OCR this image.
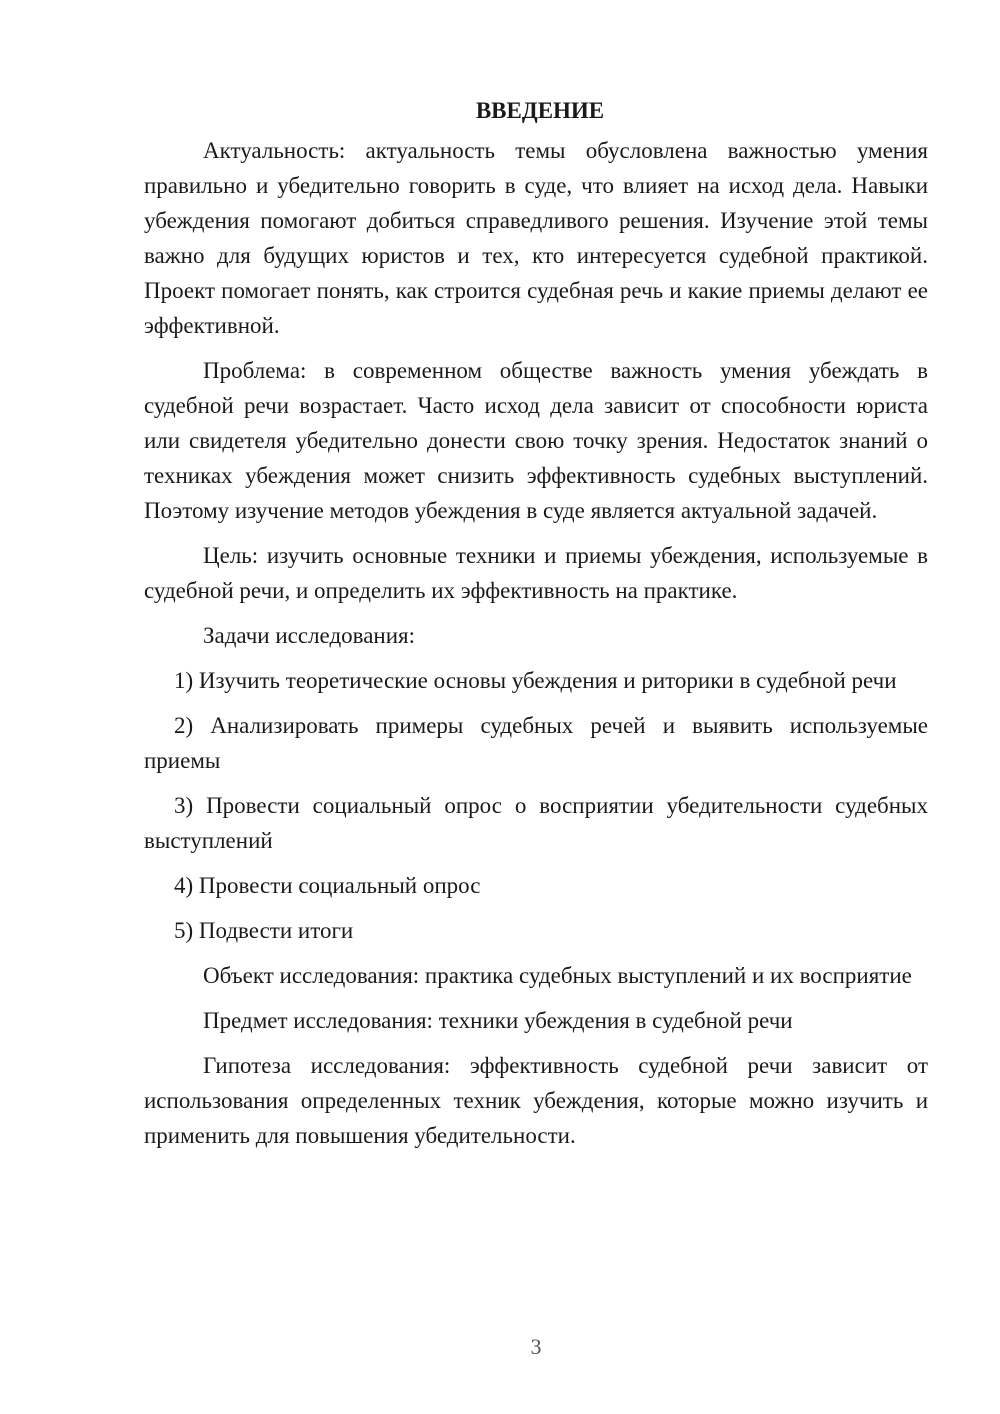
ВВЕДЕНИЕ

Актуальность: актуальность темы обусловлена важностью умения правильно и убедительно говорить в суде, что влияет на исход дела. Навыки убеждения помогают добиться справедливого решения. Изучение этой темы важно для будущих юристов и тех, кто интересуется судебной практикой. Проект помогает понять, как строится судебная речь и какие приемы делают ее эффективной.

Проблема: в современном обществе важность умения убеждать в судебной речи возрастает. Часто исход дела зависит от способности юриста или свидетеля убедительно донести свою точку зрения. Недостаток знаний о техниках убеждения может снизить эффективность судебных выступлений. Поэтому изучение методов убеждения в суде является актуальной задачей.

Цель: изучить основные техники и приемы убеждения, используемые в судебной речи, и определить их эффективность на практике.

Задачи исследования:

1) Изучить теоретические основы убеждения и риторики в судебной речи

2) Анализировать примеры судебных речей и выявить используемые приемы

3) Провести социальный опрос о восприятии убедительности судебных выступлений

4) Провести социальный опрос

5) Подвести итоги

Объект исследования: практика судебных выступлений и их восприятие

Предмет исследования: техники убеждения в судебной речи

Гипотеза исследования: эффективность судебной речи зависит от использования определенных техник убеждения, которые можно изучить и применить для повышения убедительности.

3
